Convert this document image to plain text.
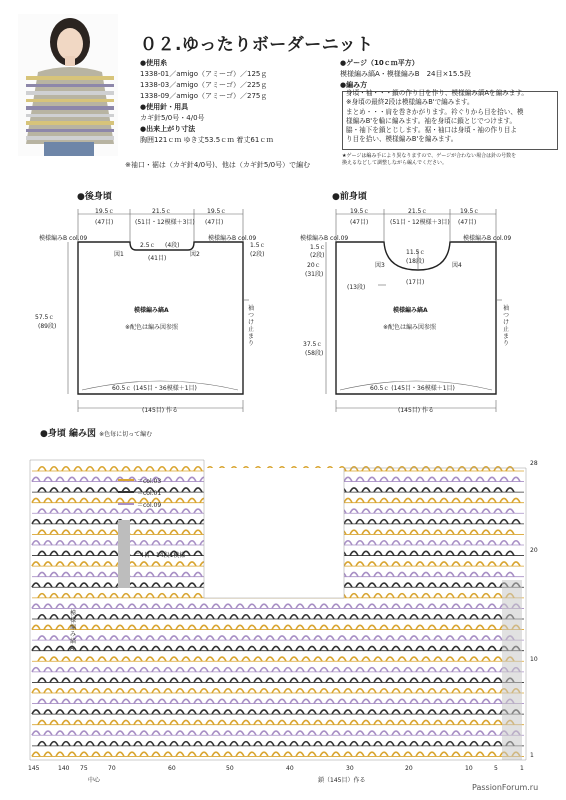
０２.ゆったりボーダーニット
●使用糸
1338-01／amigo（アミーゴ）／125ｇ
1338-03／amigo（アミーゴ）／225ｇ
1338-09／amigo（アミーゴ）／275ｇ
●使用針・用具
カギ針5/0号・4/0号
●出来上がり寸法
胸囲121ｃｍ ゆき丈53.5ｃｍ 着丈61ｃｍ
※袖口・裾は（カギ針4/0号)、他は（カギ針5/0号）で編む
●ゲージ（10ｃｍ平方）
模様編み縞A・模様編みB　24目×15.5段
●編み方
身頃・袖・・・鎖の作り目を作り、模様編み縞Aを編みます。
※身頃の最終2段は模様編みB'で編みます。
まとめ・・・肩を巻きかがります。衿ぐりから目を拾い、模
様編みB'を輪に編みます。袖を身頃に鎖とじでつけます。
脇・袖下を鎖とじします。裾・袖口は身頃・袖の作り目よ
り目を拾い、模様編みB'を編みます。
★ゲージは編み手により異なりますので、ゲージが合わない場合は針の号数を
換えるなどして調整しながら編んでください。
●後身頃
19.5ｃ	21.5ｃ	19.5ｃ
(47目)	(51目・12模様＋3目) (47目)
模様編みB col.09	模様編みB col.09
2.5ｃ (4段)
(41目)
図1	図2
1.5ｃ
(2段)
57.5ｃ
(89段)
模様編み縞A
※配色は編み図参照
袖つけ止まり
60.5ｃ (145目・36模様＋1目)
(145目) 作る
●前身頃
19.5ｃ	21.5ｃ	19.5ｃ
(47目)	(51目・12模様＋3目) (47目)
模様編みB col.09	模様編みB col.09
1.5ｃ
(2段)	11.5ｃ
(18段)
(17目)
図3	図4
20ｃ
(31段)
(13段)
37.5ｃ
(58段)
模様編み縞A
※配色は編み図参照
袖つけ止まり
60.5ｃ (145目・36模様＋1目)
(145目) 作る
●身頃 編み図 ※色毎に切って編む
＝col.03
＝col.01
＝col.09
＝4目・14段1模様
模様編み縞A
28
20
10
1
145	140 75	70	60	50	40	30	20	10	5	1
中心	鎖（145目）作る
PassionForum.ru
